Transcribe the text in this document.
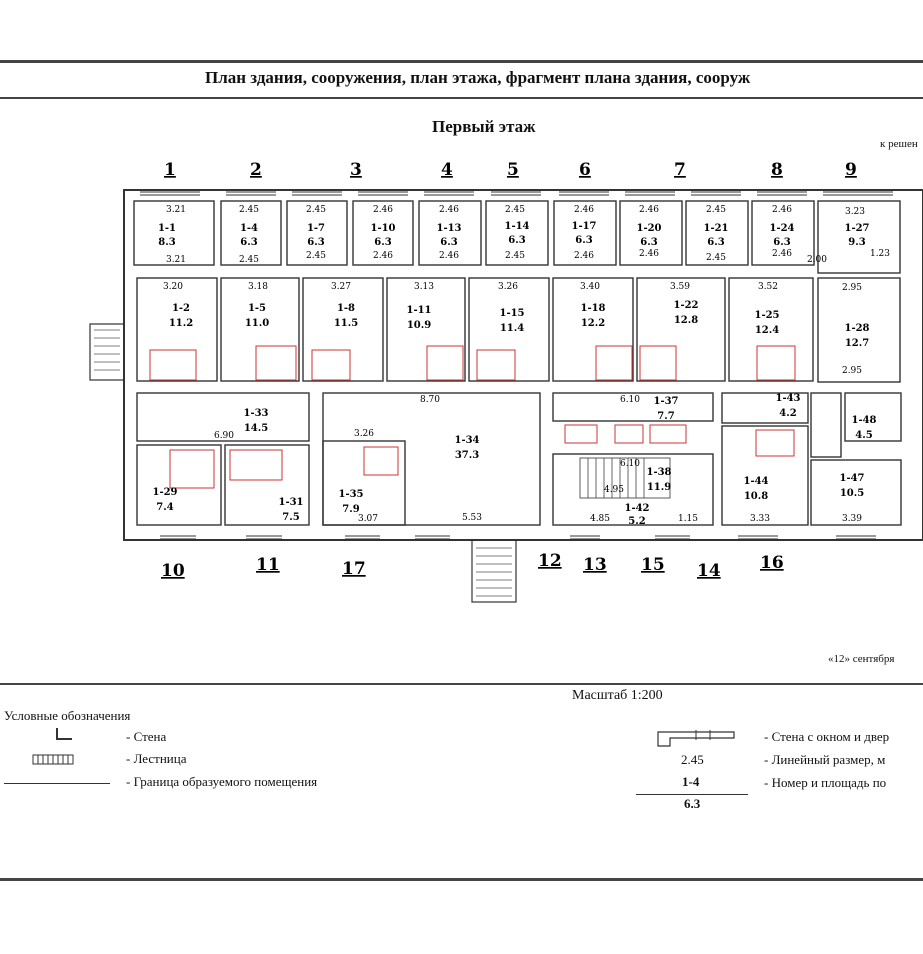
План здания, сооружения, план этажа, фрагмент плана здания, сооруж
Первый этаж
к решен
1	2	3	4	5	6	7	8	9
10	11	17	12 13 15 14 16
1-1
8.3
1-4
6.3
1-7
6.3
1-10
6.3
1-13
6.3
1-14
6.3
1-17
6.3
1-20
6.3
1-21
6.3
1-24
6.3
1-27
9.3
1-2
11.2
1-5
11.0
1-8
11.5
1-11
10.9
1-15
11.4
1-18
12.2
1-22
12.8	1-25
12.4	1-28
12.7
1-33
14.5
1-34
37.3
1-37
7.7
1-43
4.2
1-48
4.5
1-38
11.9
1-42
5.2
1-29
7.4	1-31
7.5
1-35
7.9
1-44
10.8
1-47
10.5
3.21
3.21
2.45
2.45
2.45
2.45
2.46
2.46
2.46
2.46
2.45
2.45
2.46
2.46
2.46
2.46
2.45
2.45
2.46
2.46
3.23
2.00
1.23
3.20	3.18	3.27	3.13	3.26	3.40	3.59	3.52	2.95
8.70
6.90
6.10
6.10
4.95
5.53	3.39
3.33
4.85	1.15
3.07
2.95
3.26
«12» сентября
Масштаб 1:200
Условные обозначения
- Стена
- Лестница
- Граница образуемого помещения
- Стена с окном и двер
2.45	- Линейный размер, м
1-4
6.3
- Номер и площадь по
